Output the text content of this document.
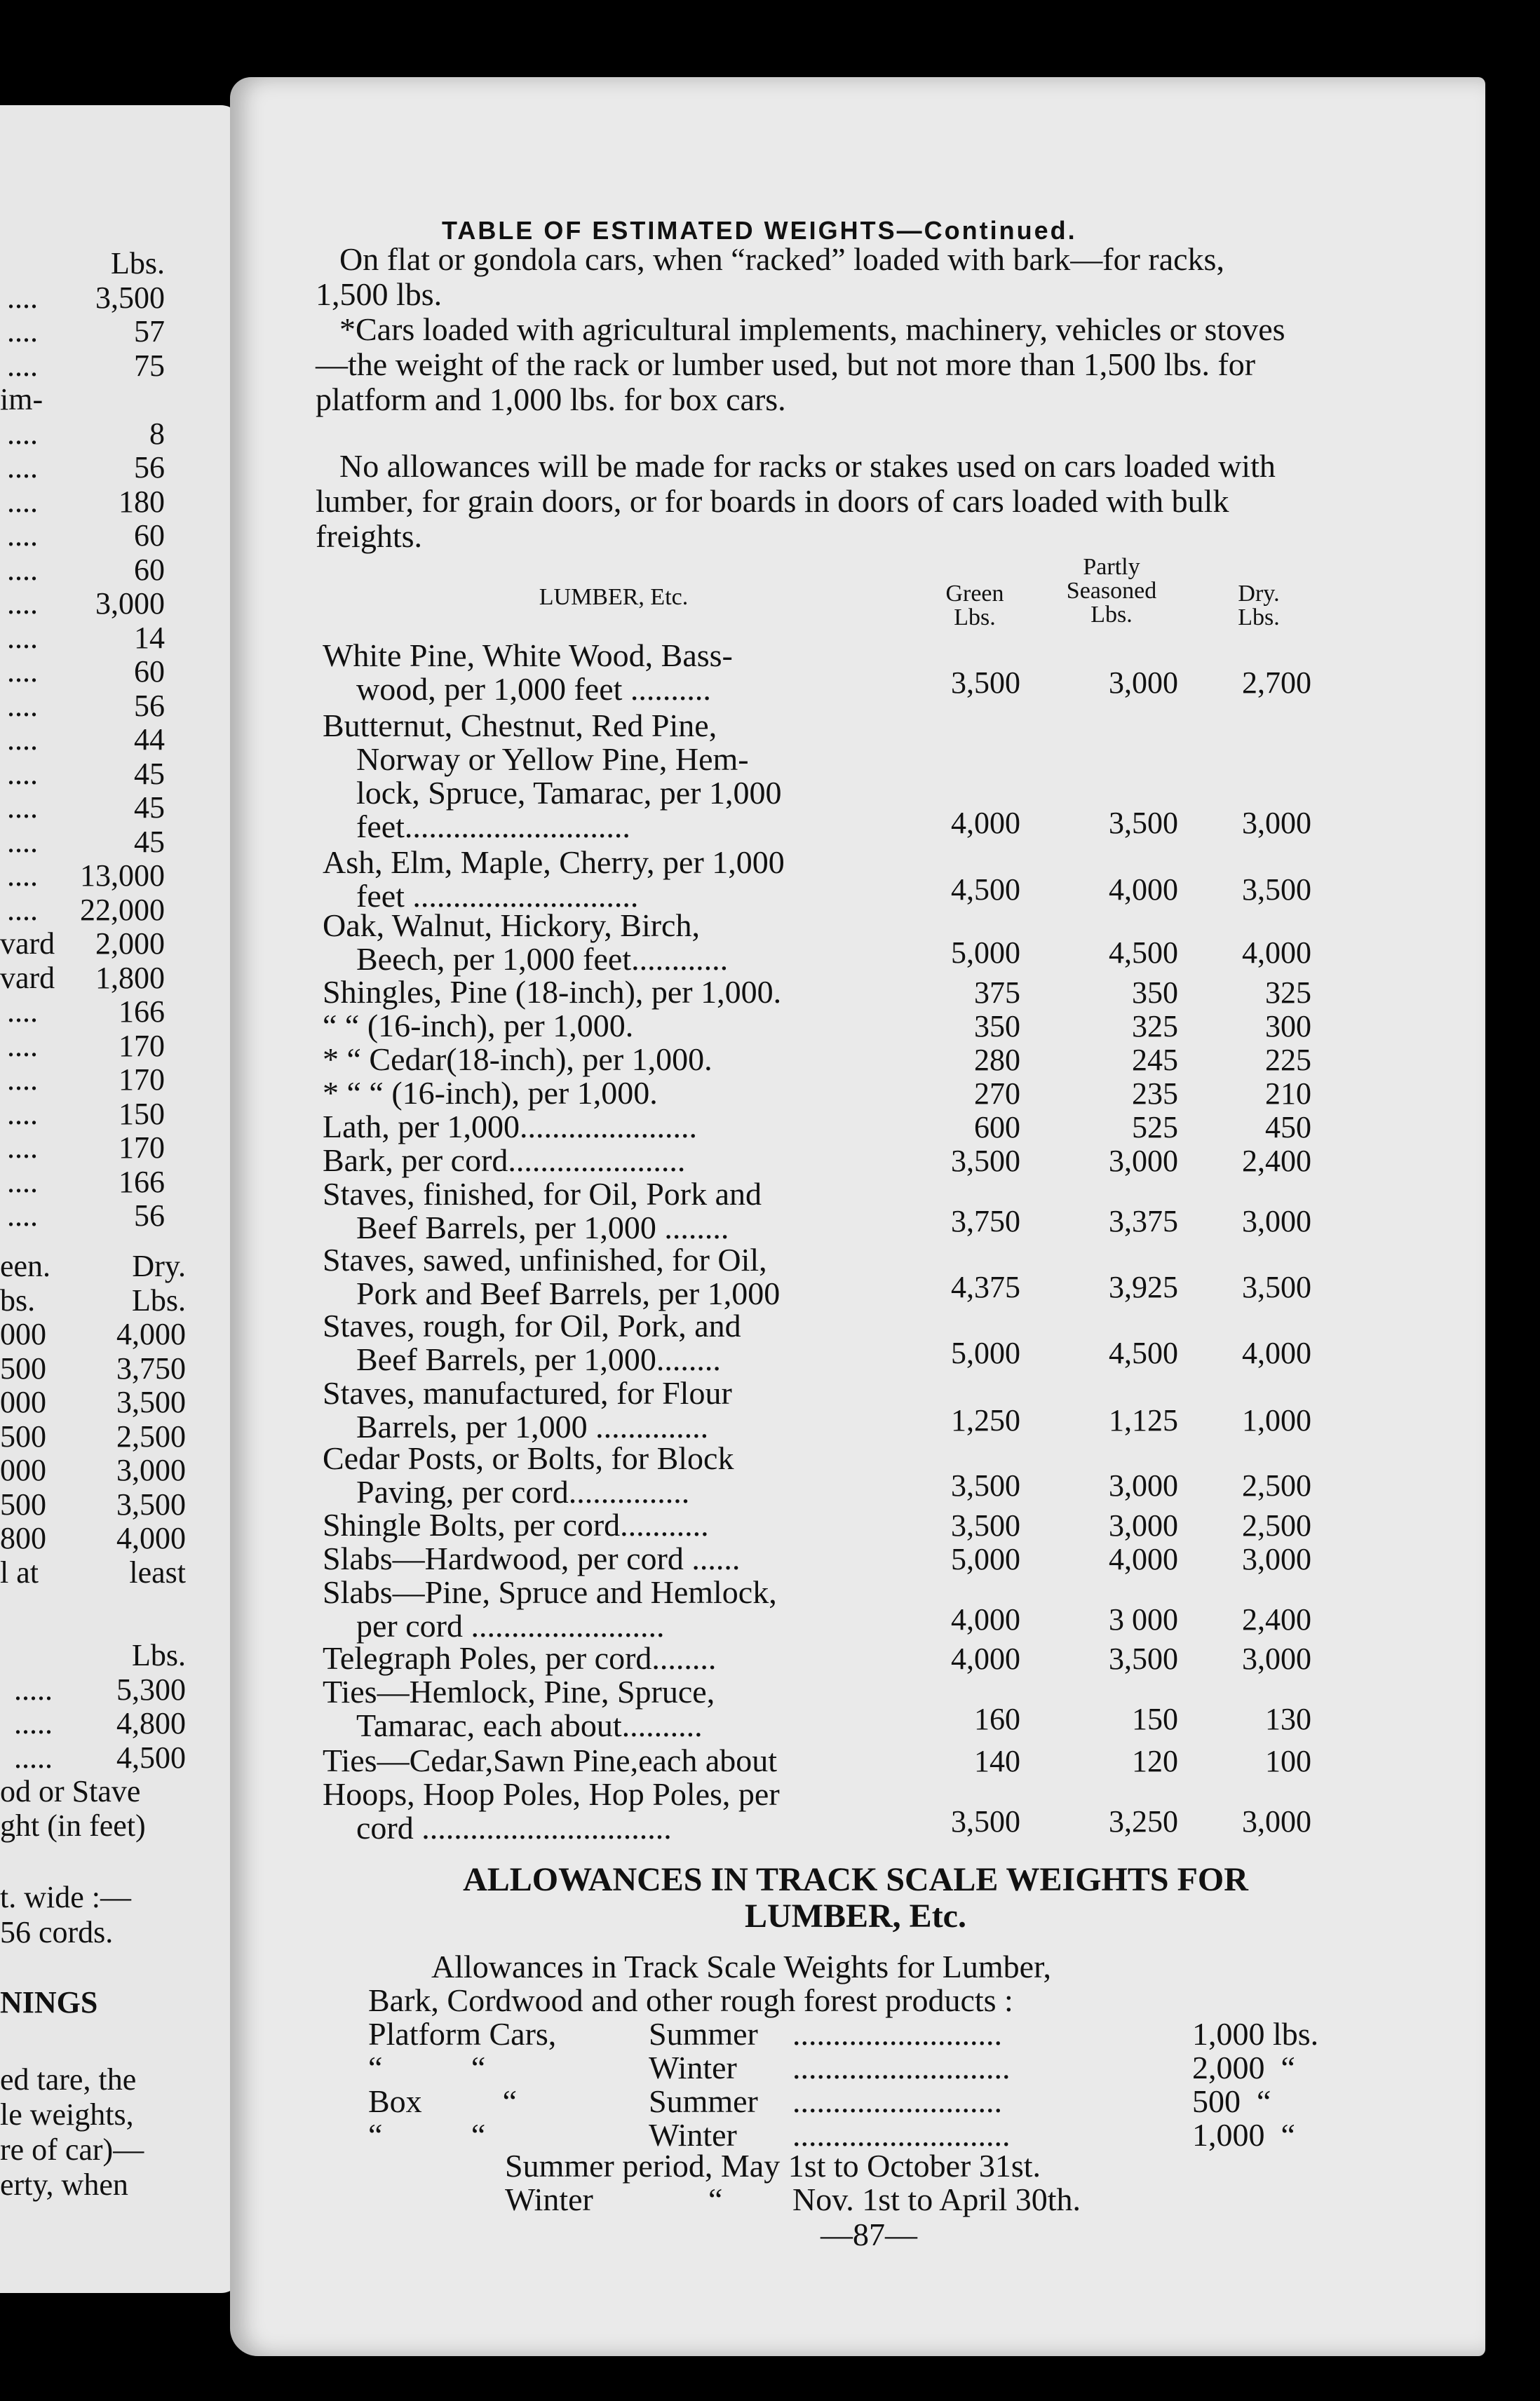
Lbs.
.... 3,500
....	57
....	75
im-
....	8
....	56
....	180
....	60
....	60
.... 3,000
....	14
....	60
....	56
....	44
....	45
....	45
....	45
.... 13,000
.... 22,000
vard 2,000
vard 1,800
....	166
....	170
....	170
....	150
....	170
....	166
....	56
een.	Dry.
bs.	Lbs.
000 4,000
500 3,750
000 3,500
500 2,500
000 3,000
500 3,500
800 4,000
l at	least
Lbs.
..... 5,300
..... 4,800
..... 4,500
od or Stave
ght (in feet)
t. wide :—
56 cords.
NINGS
ed tare, the
le weights,
re of car)—
erty, when
TABLE OF ESTIMATED WEIGHTS—Continued.
On flat or gondola cars, when “racked” loaded with bark—for racks, 1,500 lbs.
*Cars loaded with agricultural implements, machinery, vehicles or stoves—the weight of the rack or lumber used, but not more than 1,500 lbs. for platform and 1,000 lbs. for box cars.
No allowances will be made for racks or stakes used on cars loaded with lumber, for grain doors, or for boards in doors of cars loaded with bulk freights.
LUMBER, Etc.	Green
Lbs.
Partly
Seasoned
Lbs.
Dry.
Lbs.
White Pine, White Wood, Bass-
wood, per 1,000 feet ..........	3,500	3,000	2,700
Butternut, Chestnut, Red Pine,
Norway or Yellow Pine, Hem-
lock, Spruce, Tamarac, per 1,000
feet............................	4,000	3,500	3,000
Ash, Elm, Maple, Cherry, per 1,000
feet ............................	4,500	4,000	3,500
Oak, Walnut, Hickory, Birch,
Beech, per 1,000 feet............	5,000	4,500	4,000
Shingles, Pine (18-inch), per 1,000.	375	350	325
“ “ (16-inch), per 1,000.	350	325	300
* “ Cedar(18-inch), per 1,000.	280	245	225
* “ “ (16-inch), per 1,000.	270	235	210
Lath, per 1,000......................	600	525	450
Bark, per cord......................	3,500	3,000	2,400
Staves, finished, for Oil, Pork and
Beef Barrels, per 1,000 ........	3,750	3,375	3,000
Staves, sawed, unfinished, for Oil,
Pork and Beef Barrels, per 1,000	4,375	3,925	3,500
Staves, rough, for Oil, Pork, and
Beef Barrels, per 1,000........	5,000	4,500	4,000
Staves, manufactured, for Flour
Barrels, per 1,000 ..............	1,250	1,125	1,000
Cedar Posts, or Bolts, for Block
Paving, per cord...............	3,500	3,000	2,500
Shingle Bolts, per cord...........	3,500	3,000	2,500
Slabs—Hardwood, per cord ......	5,000	4,000	3,000
Slabs—Pine, Spruce and Hemlock,
per cord ........................	4,000	3 000	2,400
Telegraph Poles, per cord........	4,000	3,500	3,000
Ties—Hemlock, Pine, Spruce,
Tamarac, each about..........	160	150	130
Ties—Cedar,Sawn Pine,each about	140	120	100
Hoops, Hoop Poles, Hop Poles, per
cord ...............................	3,500	3,250	3,000
ALLOWANCES IN TRACK SCALE WEIGHTS FOR
LUMBER, Etc.
Allowances in Track Scale Weights for Lumber,
Bark, Cordwood and other rough forest products :
Platform Cars,	Summer ..........................	1,000 lbs.
“           “	Winter ...........................	2,000  “
Box          “	Summer ..........................	500  “
“           “	Winter ...........................	1,000  “
Summer period, May 1st to October 31st.
Winter	“ Nov. 1st to April 30th.
—87—
